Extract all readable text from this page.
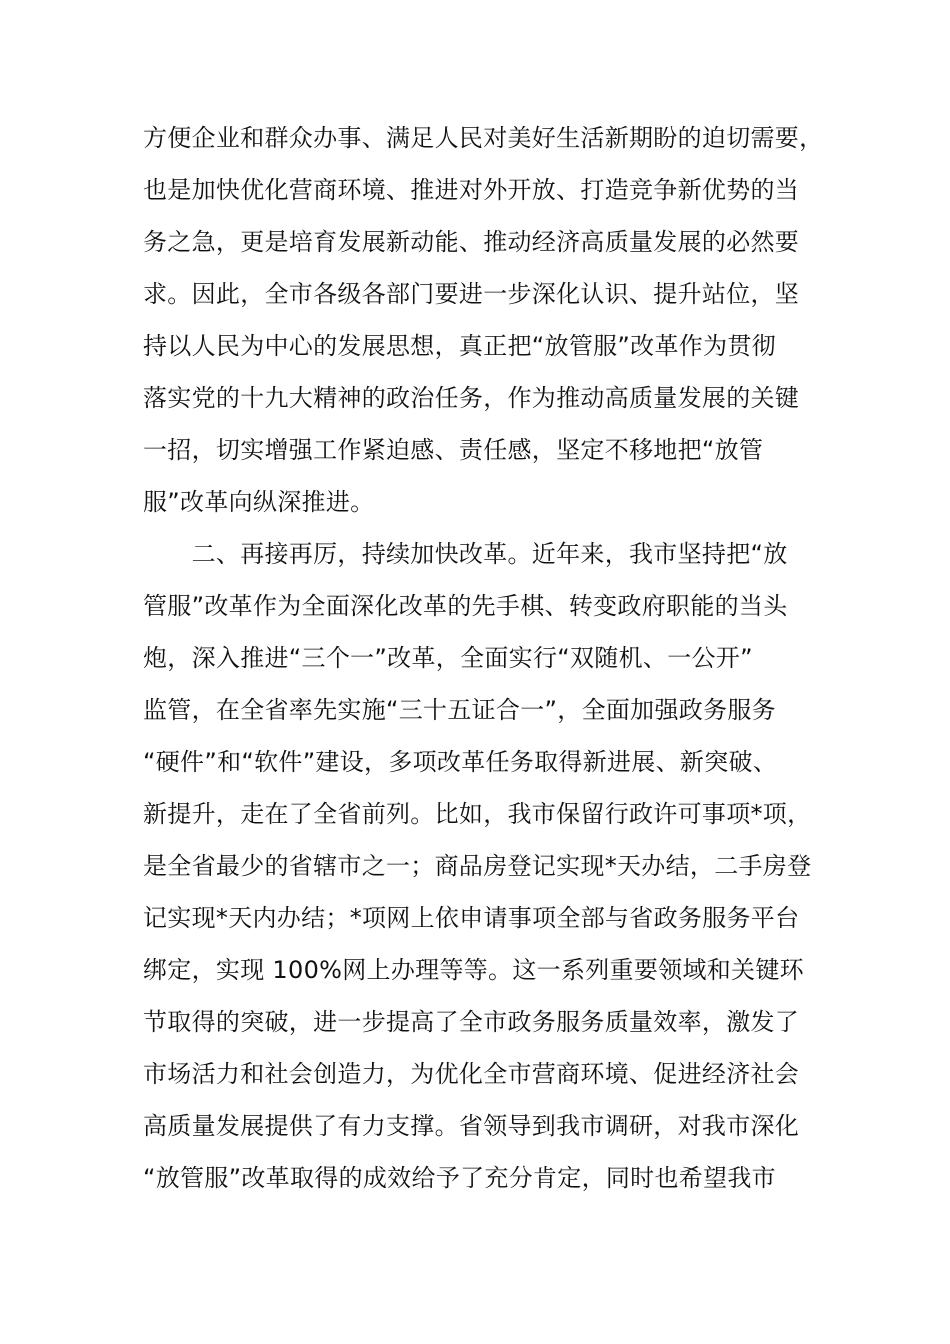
方便企业和群众办事、满足人民对美好生活新期盼的迫切需要，
也是加快优化营商环境、推进对外开放、打造竞争新优势的当
务之急，更是培育发展新动能、推动经济高质量发展的必然要
求。因此，全市各级各部门要进一步深化认识、提升站位，坚
持以人民为中心的发展思想，真正把“放管服”改革作为贯彻
落实党的十九大精神的政治任务，作为推动高质量发展的关键
一招，切实增强工作紧迫感、责任感，坚定不移地把“放管
服”改革向纵深推进。
　　二、再接再厉，持续加快改革。近年来，我市坚持把“放
管服”改革作为全面深化改革的先手棋、转变政府职能的当头
炮，深入推进“三个一”改革，全面实行“双随机、一公开”
监管，在全省率先实施“三十五证合一”，全面加强政务服务
“硬件”和“软件”建设，多项改革任务取得新进展、新突破、
新提升，走在了全省前列。比如，我市保留行政许可事项*项，
是全省最少的省辖市之一；商品房登记实现*天办结，二手房登
记实现*天内办结；*项网上依申请事项全部与省政务服务平台
绑定，实现 100%网上办理等等。这一系列重要领域和关键环
节取得的突破，进一步提高了全市政务服务质量效率，激发了
市场活力和社会创造力，为优化全市营商环境、促进经济社会
高质量发展提供了有力支撑。省领导到我市调研，对我市深化
“放管服”改革取得的成效给予了充分肯定，同时也希望我市
